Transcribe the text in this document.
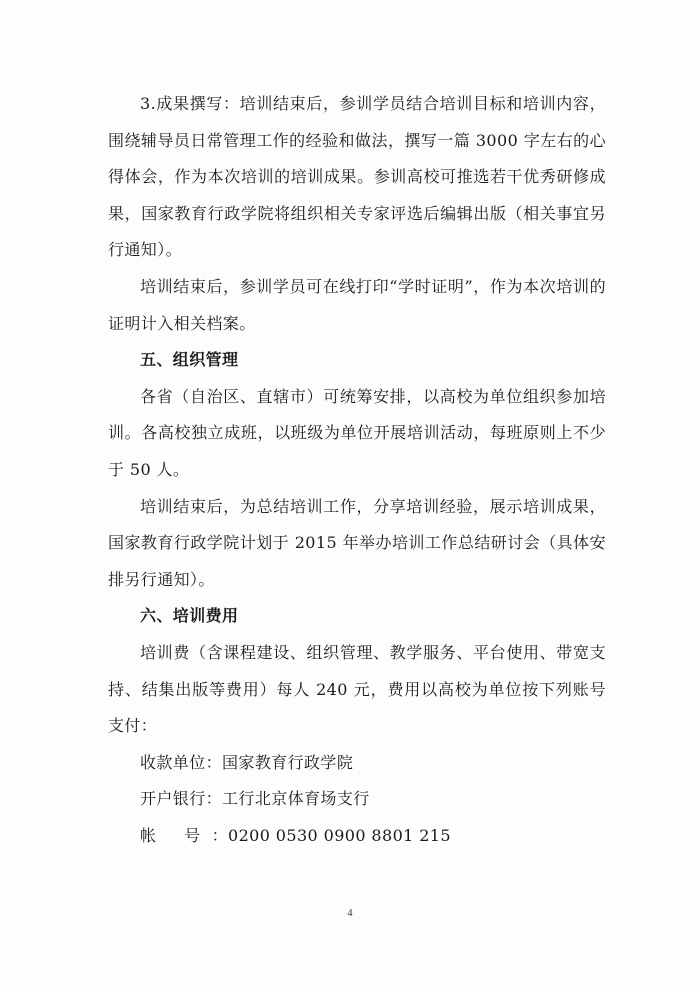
3.成果撰写：培训结束后，参训学员结合培训目标和培训内容，围绕辅导员日常管理工作的经验和做法，撰写一篇 3000 字左右的心得体会，作为本次培训的培训成果。参训高校可推选若干优秀研修成果，国家教育行政学院将组织相关专家评选后编辑出版（相关事宜另行通知）。

培训结束后，参训学员可在线打印“学时证明”，作为本次培训的证明计入相关档案。

五、组织管理

各省（自治区、直辖市）可统筹安排，以高校为单位组织参加培训。各高校独立成班，以班级为单位开展培训活动，每班原则上不少于 50 人。

培训结束后，为总结培训工作，分享培训经验，展示培训成果，国家教育行政学院计划于 2015 年举办培训工作总结研讨会（具体安排另行通知）。

六、培训费用

培训费（含课程建设、组织管理、教学服务、平台使用、带宽支持、结集出版等费用）每人 240 元，费用以高校为单位按下列账号支付：

收款单位：国家教育行政学院

开户银行：工行北京体育场支行

帐 号：0200 0530 0900 8801 215

4
